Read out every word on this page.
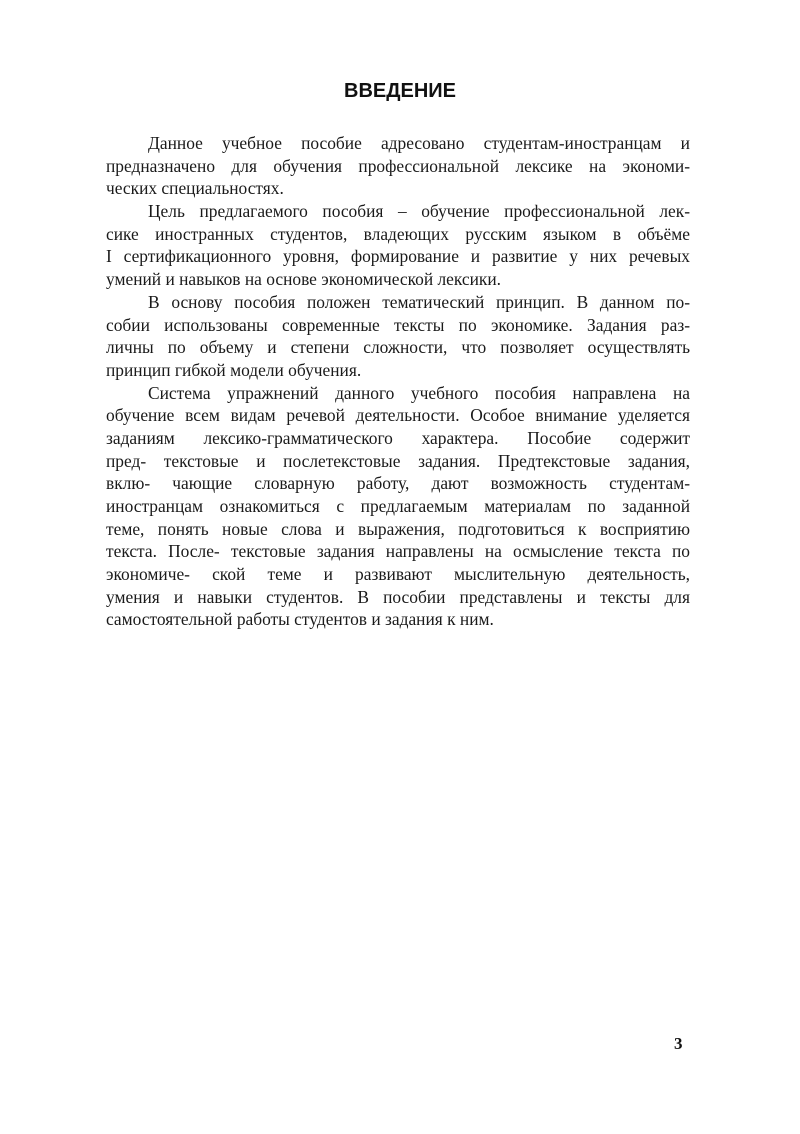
ВВЕДЕНИЕ
Данное учебное пособие адресовано студентам-иностранцам и
предназначено для обучения профессиональной лексике на экономи-
ческих специальностях.
Цель предлагаемого пособия – обучение профессиональной лек-
сике иностранных студентов, владеющих русским языком в объёме
I сертификационного уровня, формирование и развитие у них речевых
умений и навыков на основе экономической лексики.
В основу пособия положен тематический принцип. В данном по-
собии использованы современные тексты по экономике. Задания раз-
личны по объему и степени сложности, что позволяет осуществлять
принцип гибкой модели обучения.
Система упражнений данного учебного пособия направлена на
обучение всем видам речевой деятельности. Особое внимание уделяется
заданиям лексико-грамматического характера. Пособие содержит
пред- текстовые и послетекстовые задания. Предтекстовые задания,
вклю- чающие словарную работу, дают возможность студентам-
иностранцам ознакомиться с предлагаемым материалам по заданной
теме, понять новые слова и выражения, подготовиться к восприятию
текста. После- текстовые задания направлены на осмысление текста по
экономиче- ской теме и развивают мыслительную деятельность,
умения и навыки студентов. В пособии представлены и тексты для
самостоятельной работы студентов и задания к ним.
3
